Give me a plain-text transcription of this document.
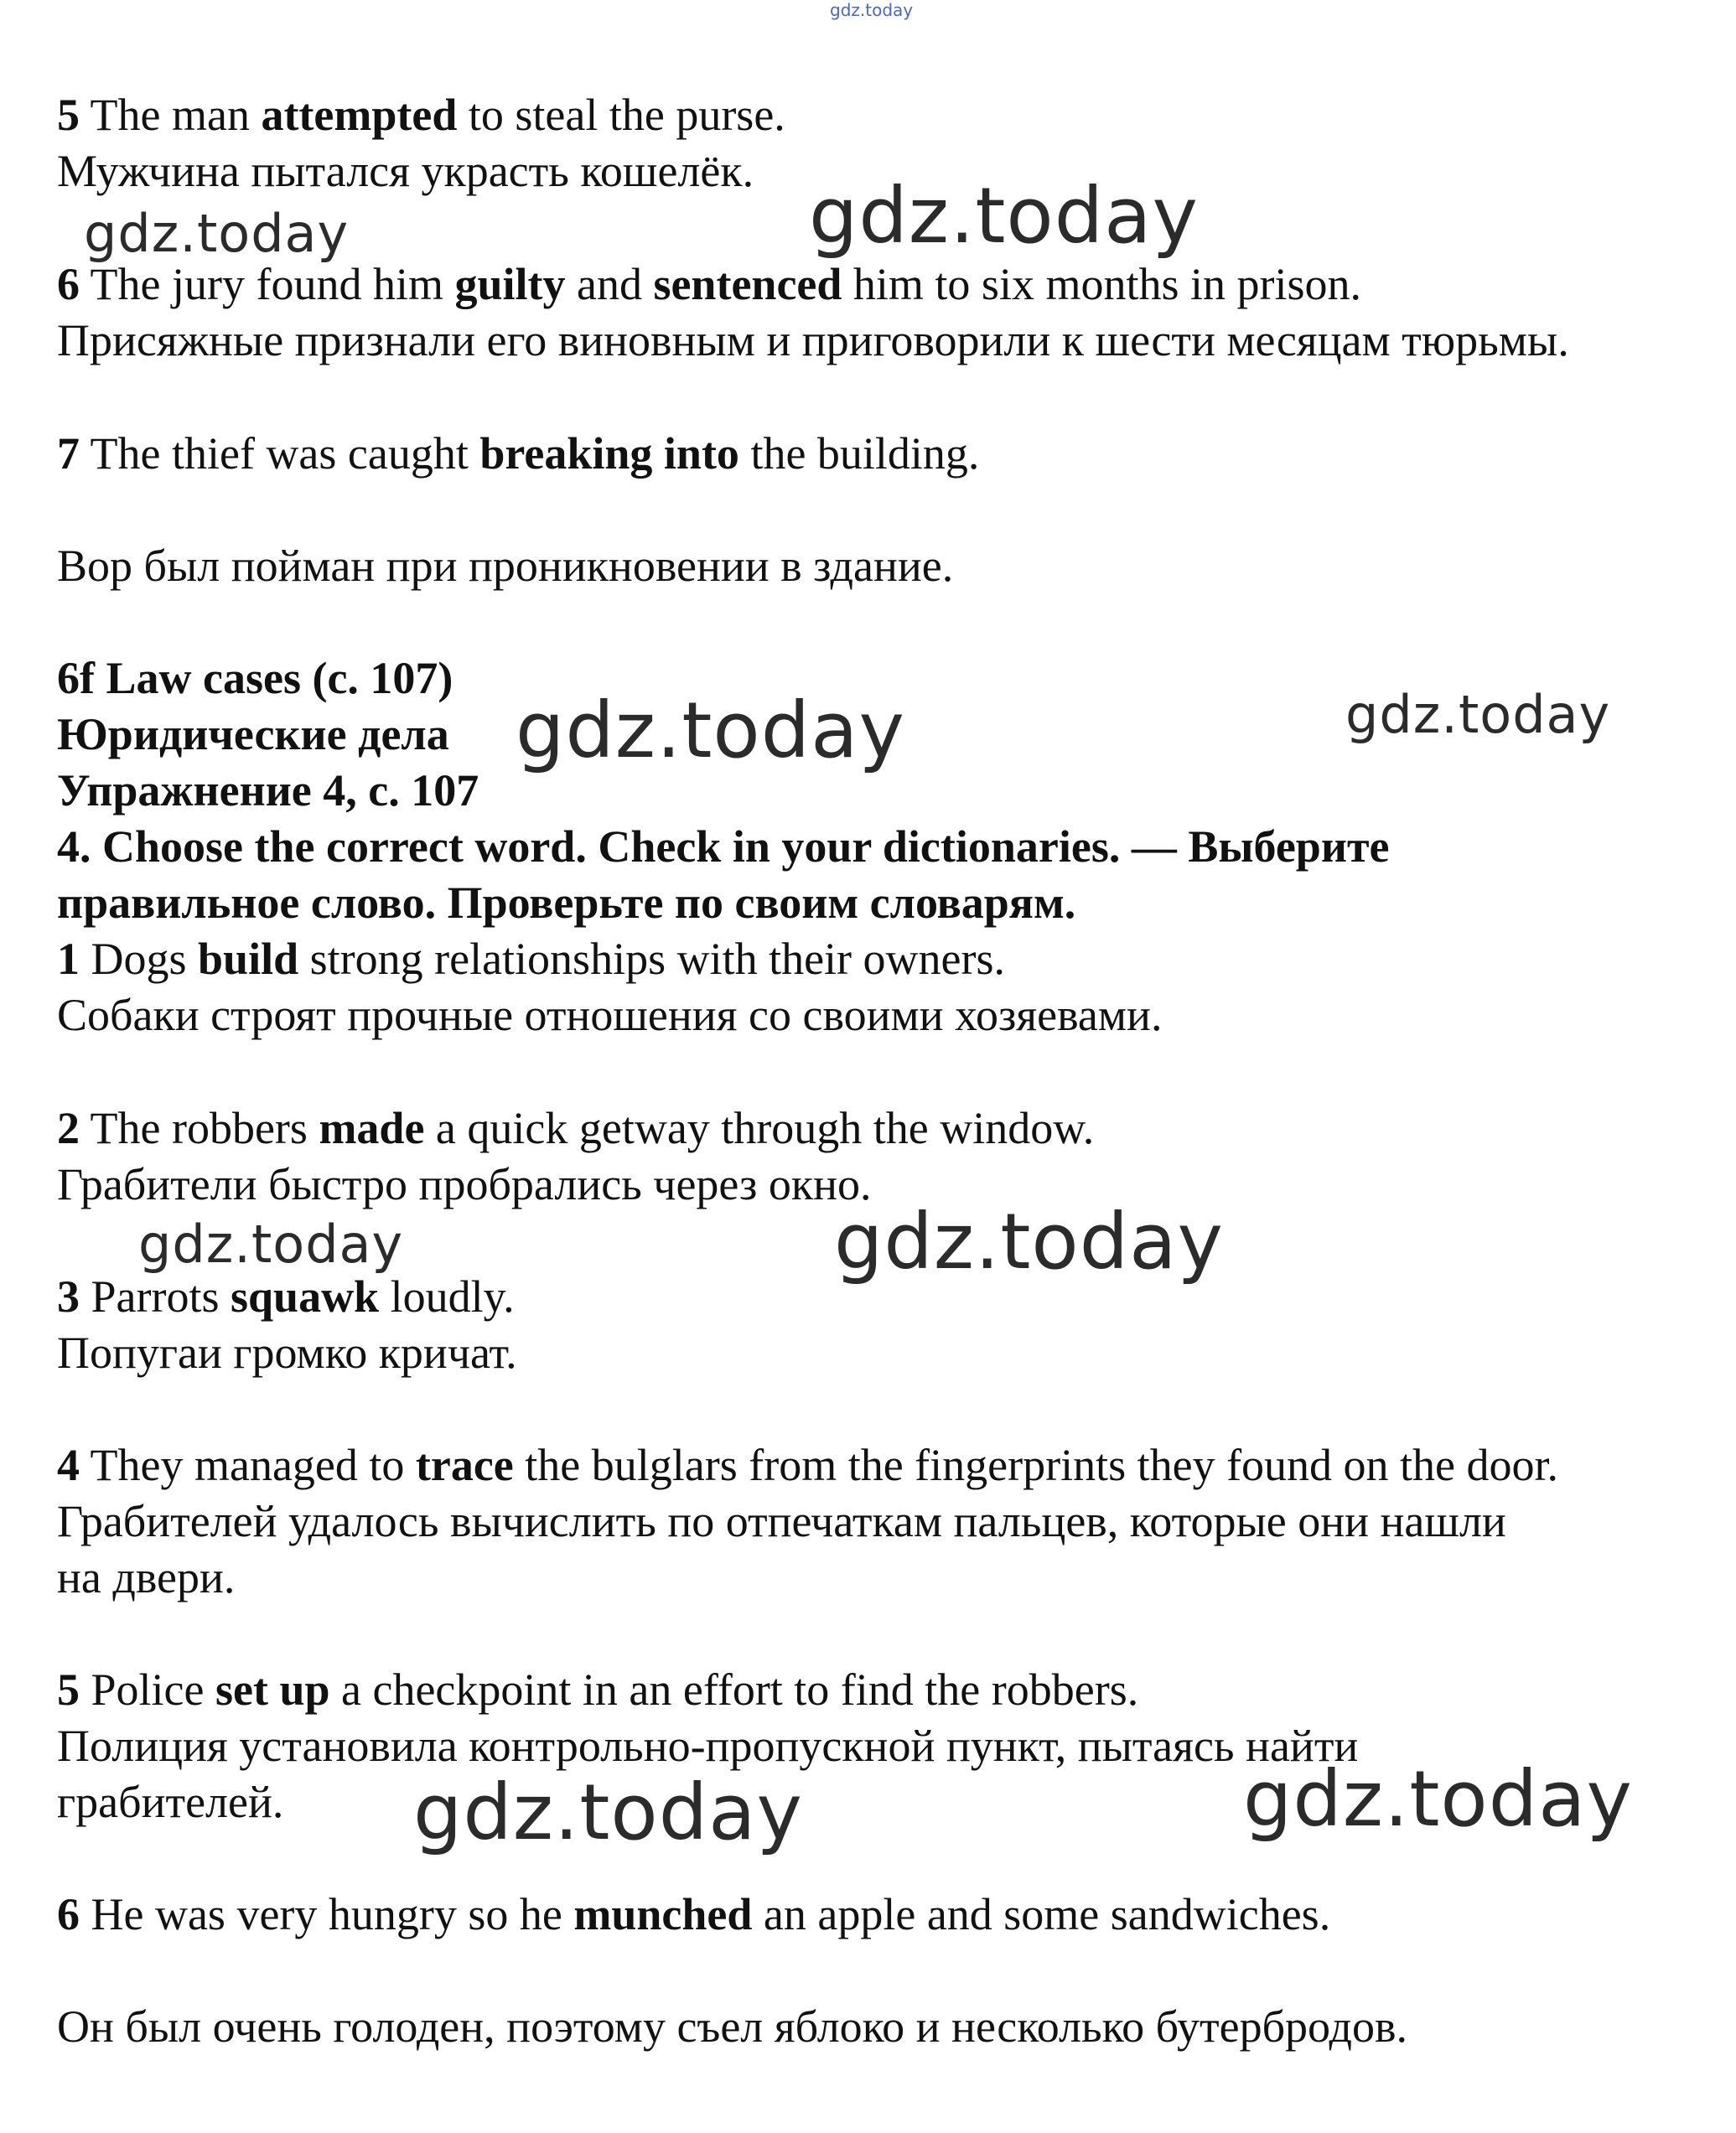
gdz.today
5 The man attempted to steal the purse.
Мужчина пытался украсть кошелёк.
6 The jury found him guilty and sentenced him to six months in prison.
Присяжные признали его виновным и приговорили к шести месяцам тюрьмы.
7 The thief was caught breaking into the building.
Вор был пойман при проникновении в здание.
6f Law cases (c. 107)
Юридические дела
Упражнение 4, с. 107
4. Choose the correct word. Check in your dictionaries. — Выберите
правильное слово. Проверьте по своим словарям.
1 Dogs build strong relationships with their owners.
Собаки строят прочные отношения со своими хозяевами.
2 The robbers made a quick getway through the window.
Грабители быстро пробрались через окно.
3 Parrots squawk loudly.
Попугаи громко кричат.
4 They managed to trace the bulglars from the fingerprints they found on the door.
Грабителей удалось вычислить по отпечаткам пальцев, которые они нашли
на двери.
5 Police set up a checkpoint in an effort to find the robbers.
Полиция установила контрольно-пропускной пункт, пытаясь найти
грабителей.
6 He was very hungry so he munched an apple and some sandwiches.
Он был очень голоден, поэтому съел яблоко и несколько бутербродов.
gdz.today	gdz.today
gdz.today	gdz.today
gdz.today	gdz.today
gdz.today	gdz.today
